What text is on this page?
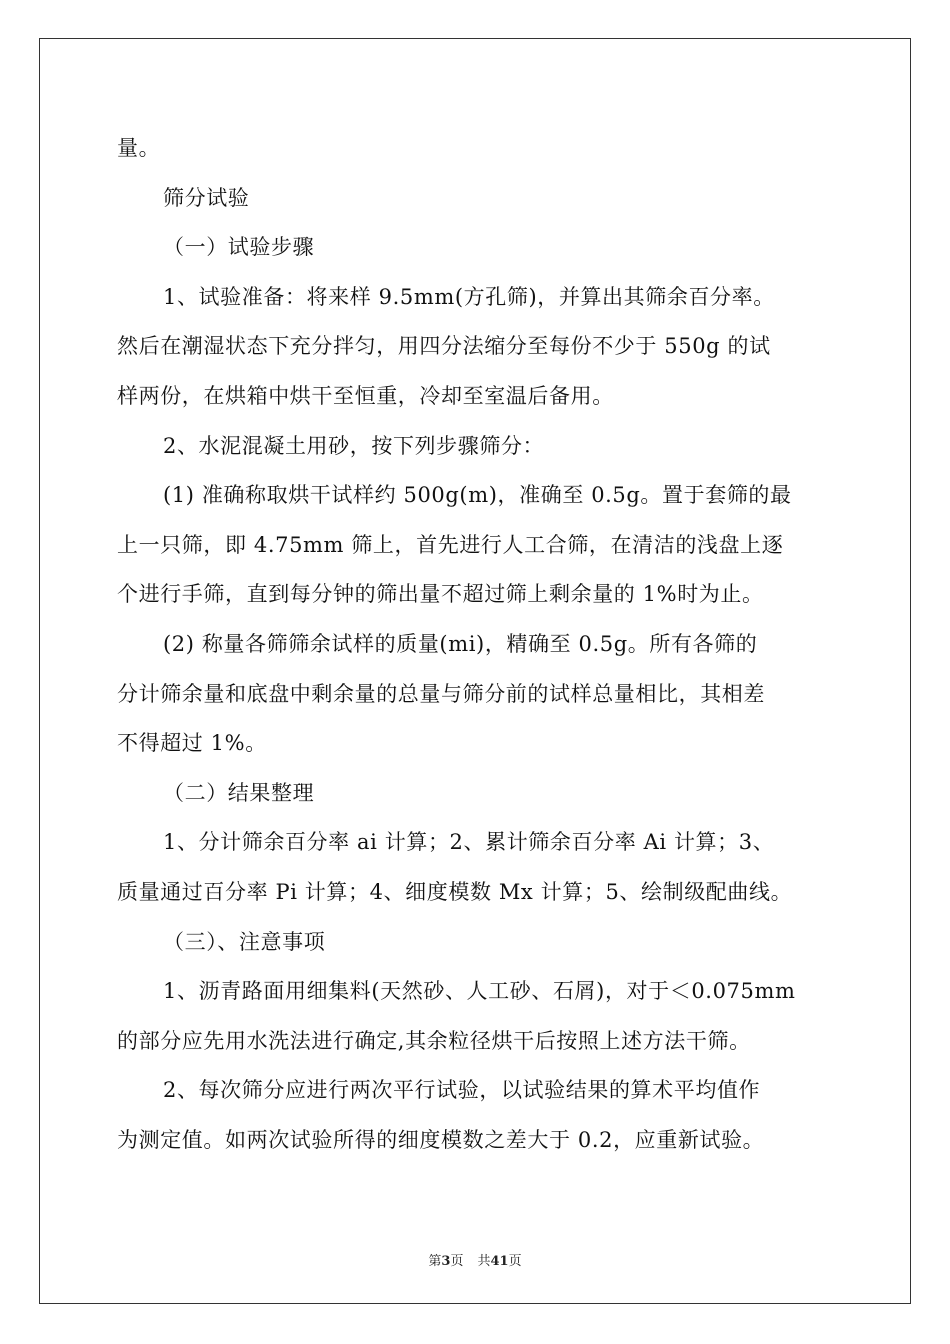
量。
筛分试验
（一）试验步骤
1、试验准备：将来样 9.5mm(方孔筛)，并算出其筛余百分率。
然后在潮湿状态下充分拌匀，用四分法缩分至每份不少于 550g 的试
样两份，在烘箱中烘干至恒重，冷却至室温后备用。
2、水泥混凝土用砂，按下列步骤筛分：
(1) 准确称取烘干试样约 500g(m)，准确至 0.5g。置于套筛的最
上一只筛，即 4.75mm 筛上，首先进行人工合筛，在清洁的浅盘上逐
个进行手筛，直到每分钟的筛出量不超过筛上剩余量的 1%时为止。
(2) 称量各筛筛余试样的质量(mi)，精确至 0.5g。所有各筛的
分计筛余量和底盘中剩余量的总量与筛分前的试样总量相比，其相差
不得超过 1%。
（二）结果整理
1、分计筛余百分率 ai 计算；2、累计筛余百分率 Ai 计算；3、
质量通过百分率 Pi 计算；4、细度模数 Mx 计算；5、绘制级配曲线。
（三）、注意事项
1、沥青路面用细集料(天然砂、人工砂、石屑)，对于＜0.075mm
的部分应先用水洗法进行确定,其余粒径烘干后按照上述方法干筛。
2、每次筛分应进行两次平行试验，以试验结果的算术平均值作
为测定值。如两次试验所得的细度模数之差大于 0.2，应重新试验。
第3页 共41页
